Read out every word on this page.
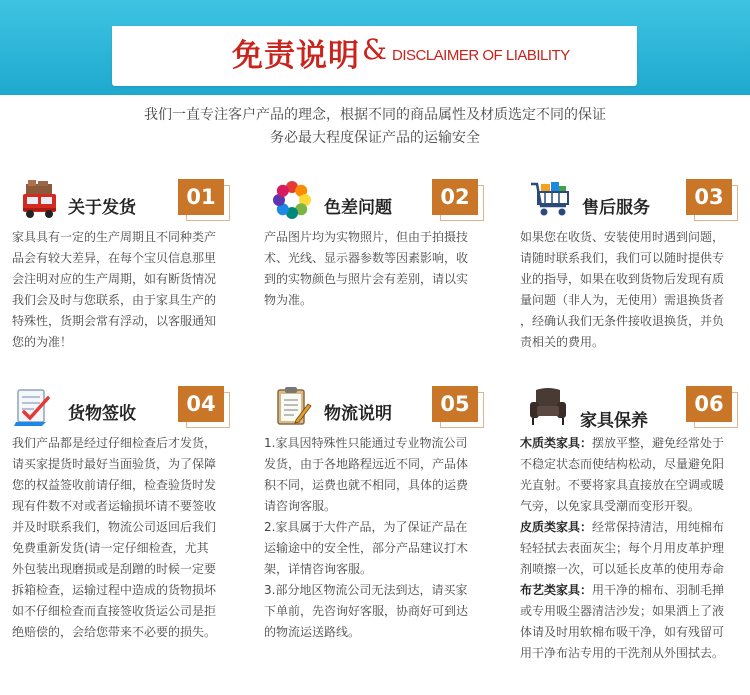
免责说明 & DISCLAIMER OF LIABILITY
我们一直专注客户产品的理念，根据不同的商品属性及材质选定不同的保证
务必最大程度保证产品的运输安全
关于发货	01

家具具有一定的生产周期且不同种类产

品会有较大差异，在每个宝贝信息那里

会注明对应的生产周期，如有断货情况

我们会及时与您联系，由于家具生产的

特殊性，货期会常有浮动，以客服通知

您的为准！

色差问题	02

产品图片均为实物照片，但由于拍摄技

术、光线、显示器参数等因素影响，收

到的实物颜色与照片会有差别，请以实

物为准。

售后服务	03

如果您在收货、安装使用时遇到问题，

请随时联系我们，我们可以随时提供专

业的指导，如果在收到货物后发现有质

量问题（非人为，无使用）需退换货者

，经确认我们无条件接收退换货，并负

责相关的费用。

货物签收	04

我们产品都是经过仔细检查后才发货，

请买家提货时最好当面验货，为了保障

您的权益签收前请仔细，检查验货时发

现有件数不对或者运输损坏请不要签收

并及时联系我们，物流公司返回后我们

免费重新发货(请一定仔细检查，尤其

外包装出现磨损或是刮蹭的时候一定要

拆箱检查，运输过程中造成的货物损坏

如不仔细检查而直接签收货运公司是拒

绝赔偿的，会给您带来不必要的损失。

物流说明	05

1.家具因特殊性只能通过专业物流公司

发货，由于各地路程远近不同，产品体

积不同，运费也就不相同，具体的运费

请咨询客服。

2.家具属于大件产品，为了保证产品在

运输途中的安全性，部分产品建议打木

架，详情咨询客服。

3.部分地区物流公司无法到达，请买家

下单前，先咨询好客服，协商好可到达

的物流运送路线。

家具保养
06

木质类家具：摆放平整，避免经常处于

不稳定状态而使结构松动，尽量避免阳

光直射。不要将家具直接放在空调或暖

气旁，以免家具受潮而变形开裂。

皮质类家具：经常保持清洁，用纯棉布

轻轻拭去表面灰尘；每个月用皮革护理

剂喷擦一次，可以延长皮革的使用寿命

布艺类家具：用干净的棉布、羽制毛掸

或专用吸尘器清洁沙发；如果洒上了液

体请及时用软棉布吸干净，如有残留可

用干净布沾专用的干洗剂从外围拭去。
